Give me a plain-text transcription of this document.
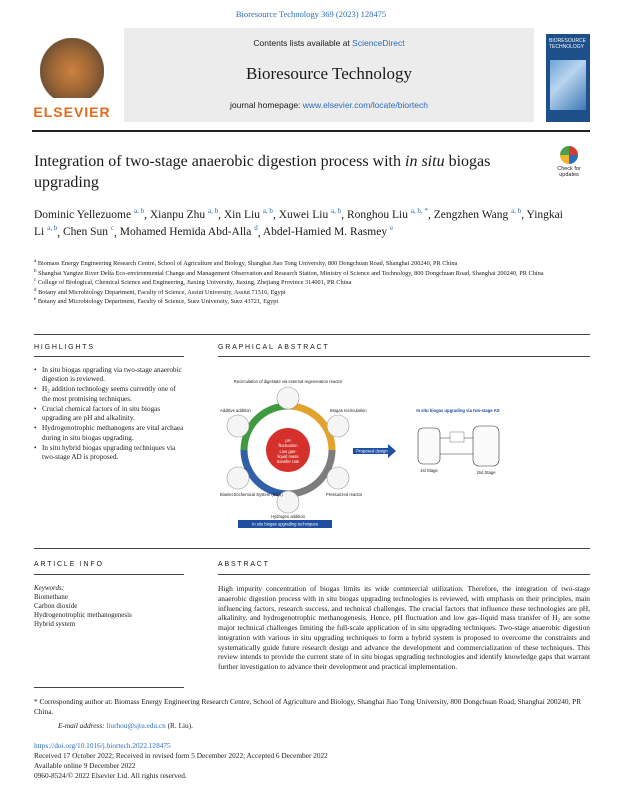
Bioresource Technology 369 (2023) 128475
ELSEVIER
Contents lists available at ScienceDirect
Bioresource Technology
journal homepage: www.elsevier.com/locate/biortech
BIORESOURCE TECHNOLOGY
Integration of two-stage anaerobic digestion process with in situ biogas upgrading
Check for updates
Dominic Yellezuome $^{a, b}$, Xianpu Zhu $^{a, b}$, Xin Liu $^{a, b}$, Xuwei Liu $^{a, b}$, Ronghou Liu $^{a, b, *}$, Zengzhen Wang $^{a, b}$, Yingkai Li $^{a, b}$, Chen Sun $^c$, Mohamed Hemida Abd-Alla $^d$, Abdel-Hamied M. Rasmey $^e$
$^a$ Biomass Energy Engineering Research Centre, School of Agriculture and Biology, Shanghai Jiao Tong University, 800 Dongchuan Road, Shanghai 200240, PR China
$^b$ Shanghai Yangtze River Delta Eco-environmental Change and Management Observation and Research Station, Ministry of Science and Technology, 800 Dongchuan Road, Shanghai 200240, PR China
$^c$ College of Biological, Chemical Science and Engineering, Jiaxing University, Jiaxing, Zhejiang Province 314001, PR China
$^d$ Botany and Microbiology Department, Faculty of Science, Assiut University, Assiut 71516, Egypt
$^e$ Botany and Microbiology Department, Faculty of Science, Suez University, Suez 43721, Egypt
HIGHLIGHTS
• In situ biogas upgrading via two-stage anaerobic digestion is reviewed.
• H₂ addition technology seems currently one of the most promising techniques.
• Crucial chemical factors of in situ biogas upgrading are pH and alkalinity.
• Hydrogenotrophic methanogens are vital archaea during in situ biogas upgrading.
• In situ hybrid biogas upgrading techniques via two-stage AD is proposed.
GRAPHICAL ABSTRACT
pH
fluctuation
Low gas-
liquid mass
transfer rate
Recirculation of digestate via external regeneration reactor
Additive addition	Biogas recirculation
Bioelectrochemical System (BES)	Pressurized reactor
Hydrogen addition
In situ biogas upgrading techniques
Proposed design
In situ biogas upgrading via two-stage AD
1st Stage	2nd Stage
ARTICLE INFO
Keywords:
Biomethane
Carbon dioxide
Hydrogenotrophic methanogenesis
Hybrid system
ABSTRACT
High impurity concentration of biogas limits its wide commercial utilization. Therefore, the integration of two-stage anaerobic digestion process with in situ biogas upgrading technologies is reviewed, with emphasis on their principles, main influencing factors, research success, and technical challenges. The crucial factors that influence these technologies are pH, alkalinity, and hydrogenotrophic methanogenesis. Hence, pH fluctuation and low gas–liquid mass transfer of H₂ are some major technical challenges limiting the full-scale application of in situ upgrading techniques. Two-stage anaerobic digestion integration with various in situ upgrading techniques to form a hybrid system is proposed to overcome the constraints and systematically guide future research design and advance the development and commercialization of these techniques. This review intends to provide the current state of in situ biogas upgrading technologies and identify knowledge gaps that warrant further investigation to advance their development and practical implementation.
* Corresponding author at: Biomass Energy Engineering Research Centre, School of Agriculture and Biology, Shanghai Jiao Tong University, 800 Dongchuan Road, Shanghai 200240, PR China.
E-mail address: liurhou@sjtu.edu.cn (R. Liu).
https://doi.org/10.1016/j.biortech.2022.128475
Received 17 October 2022; Received in revised form 5 December 2022; Accepted 6 December 2022
Available online 9 December 2022
0960-8524/© 2022 Elsevier Ltd. All rights reserved.
